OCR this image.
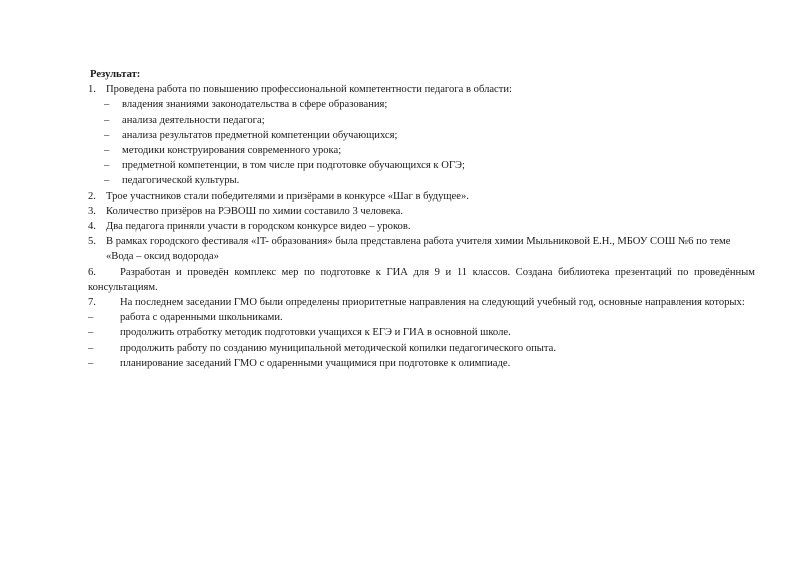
Результат:
1. Проведена работа по повышению профессиональной компетентности педагога в области:
– владения знаниями законодательства в сфере образования;
– анализа деятельности педагога;
– анализа результатов предметной компетенции обучающихся;
– методики конструирования современного урока;
– предметной компетенции, в том числе при подготовке обучающихся к ОГЭ;
– педагогической культуры.
2. Трое участников стали победителями и призёрами в конкурсе «Шаг в будущее».
3. Количество призёров на РЭВОШ по химии составило 3 человека.
4. Два педагога приняли участи в городском конкурсе видео – уроков.
5. В рамках городского фестиваля «IT- образования» была представлена работа учителя химии Мыльниковой Е.Н., МБОУ СОШ №6 по теме «Вода – оксид водорода»
6. Разработан и проведён комплекс мер по подготовке к ГИА для 9 и 11 классов. Создана библиотека презентаций по проведённым консультациям.
7. На последнем заседании ГМО были определены приоритетные направления на следующий учебный год, основные направления которых:
–	работа с одаренными школьниками.
–	продолжить отработку методик подготовки учащихся к ЕГЭ и ГИА в основной школе.
–	продолжить работу по созданию муниципальной методической копилки педагогического опыта.
–	планирование заседаний ГМО с одаренными учащимися при подготовке к олимпиаде.
